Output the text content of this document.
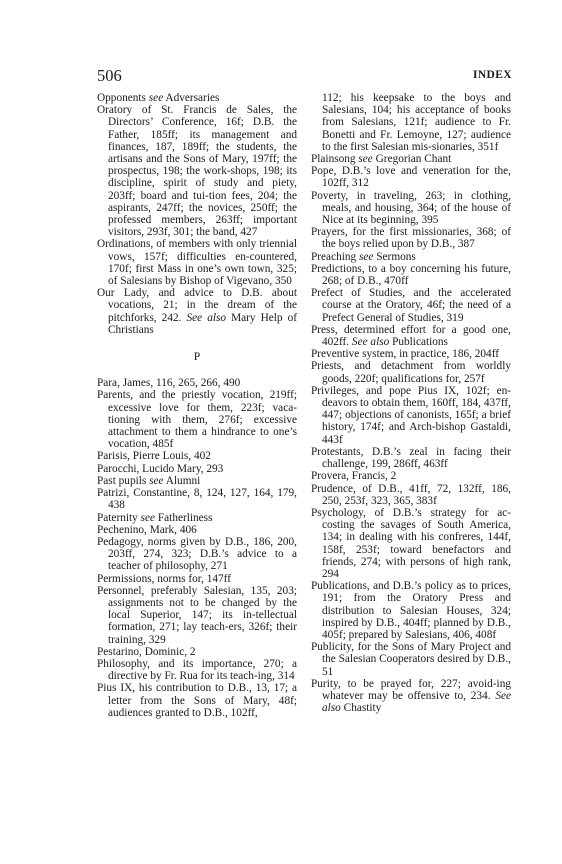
506	INDEX
Opponents see Adversaries
Oratory of St. Francis de Sales, the Directors’ Conference, 16f; D.B. the Father, 185ff; its management and finances, 187, 189ff; the students, the artisans and the Sons of Mary, 197ff; the prospectus, 198; the work-shops, 198; its discipline, spirit of study and piety, 203ff; board and tui-tion fees, 204; the aspirants, 247ff; the novices, 250ff; the professed members, 263ff; important visitors, 293f, 301; the band, 427
Ordinations, of members with only triennial vows, 157f; difficulties en-countered, 170f; first Mass in one’s own town, 325; of Salesians by Bishop of Vigevano, 350
Our Lady, and advice to D.B. about vocations, 21; in the dream of the pitchforks, 242. See also Mary Help of Christians
P
Para, James, 116, 265, 266, 490
Parents, and the priestly vocation, 219ff; excessive love for them, 223f; vaca-tioning with them, 276f; excessive attachment to them a hindrance to one’s vocation, 485f
Parisis, Pierre Louis, 402
Parocchi, Lucido Mary, 293
Past pupils see Alumni
Patrizi, Constantine, 8, 124, 127, 164, 179, 438
Paternity see Fatherliness
Pechenino, Mark, 406
Pedagogy, norms given by D.B., 186, 200, 203ff, 274, 323; D.B.’s advice to a teacher of philosophy, 271
Permissions, norms for, 147ff
Personnel, preferably Salesian, 135, 203; assignments not to be changed by the local Superior, 147; its in-tellectual formation, 271; lay teach-ers, 326f; their training, 329
Pestarino, Dominic, 2
Philosophy, and its importance, 270; a directive by Fr. Rua for its teach-ing, 314
Pius IX, his contribution to D.B., 13, 17; a letter from the Sons of Mary, 48f; audiences granted to D.B., 102ff,
112; his keepsake to the boys and Salesians, 104; his acceptance of books from Salesians, 121f; audience to Fr. Bonetti and Fr. Lemoyne, 127; audience to the first Salesian mis-sionaries, 351f
Plainsong see Gregorian Chant
Pope, D.B.’s love and veneration for the, 102ff, 312
Poverty, in traveling, 263; in clothing, meals, and housing, 364; of the house of Nice at its beginning, 395
Prayers, for the first missionaries, 368; of the boys relied upon by D.B., 387
Preaching see Sermons
Predictions, to a boy concerning his future, 268; of D.B., 470ff
Prefect of Studies, and the accelerated course at the Oratory, 46f; the need of a Prefect General of Studies, 319
Press, determined effort for a good one, 402ff. See also Publications
Preventive system, in practice, 186, 204ff
Priests, and detachment from worldly goods, 220f; qualifications for, 257f
Privileges, and pope Pius IX, 102f; en-deavors to obtain them, 160ff, 184, 437ff, 447; objections of canonists, 165f; a brief history, 174f; and Arch-bishop Gastaldi, 443f
Protestants, D.B.’s zeal in facing their challenge, 199, 286ff, 463ff
Provera, Francis, 2
Prudence, of D.B., 41ff, 72, 132ff, 186, 250, 253f, 323, 365, 383f
Psychology, of D.B.’s strategy for ac-costing the savages of South America, 134; in dealing with his confreres, 144f, 158f, 253f; toward benefactors and friends, 274; with persons of high rank, 294
Publications, and D.B.’s policy as to prices, 191; from the Oratory Press and distribution to Salesian Houses, 324; inspired by D.B., 404ff; planned by D.B., 405f; prepared by Salesians, 406, 408f
Publicity, for the Sons of Mary Project and the Salesian Cooperators desired by D.B., 51
Purity, to be prayed for, 227; avoid-ing whatever may be offensive to, 234. See also Chastity
